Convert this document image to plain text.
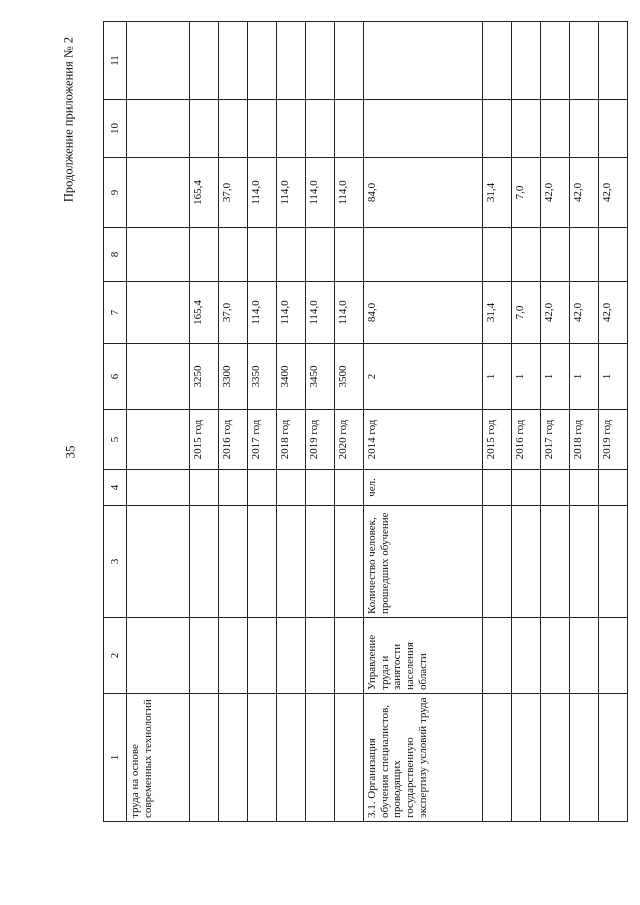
35
Продолжение приложения № 2
1	2	3	4	5	6	7	8	9	10	11
труда на основе современных технологий										
				2015 год	3250	165,4		165,4		
				2016 год	3300	37,0		37,0		
				2017 год	3350	114,0		114,0		
				2018 год	3400	114,0		114,0		
				2019 год	3450	114,0		114,0		
				2020 год	3500	114,0		114,0		
3.1. Организация обучения специалистов, проводящих государственную экспертизу условий труда	Управление труда и занятости населения области	Количество человек, прошедших обучение	чел.	2014 год	2	84,0		84,0		
				2015 год	1	31,4		31,4		
				2016 год	1	7,0		7,0		
				2017 год	1	42,0		42,0		
				2018 год	1	42,0		42,0		
				2019 год	1	42,0		42,0		
